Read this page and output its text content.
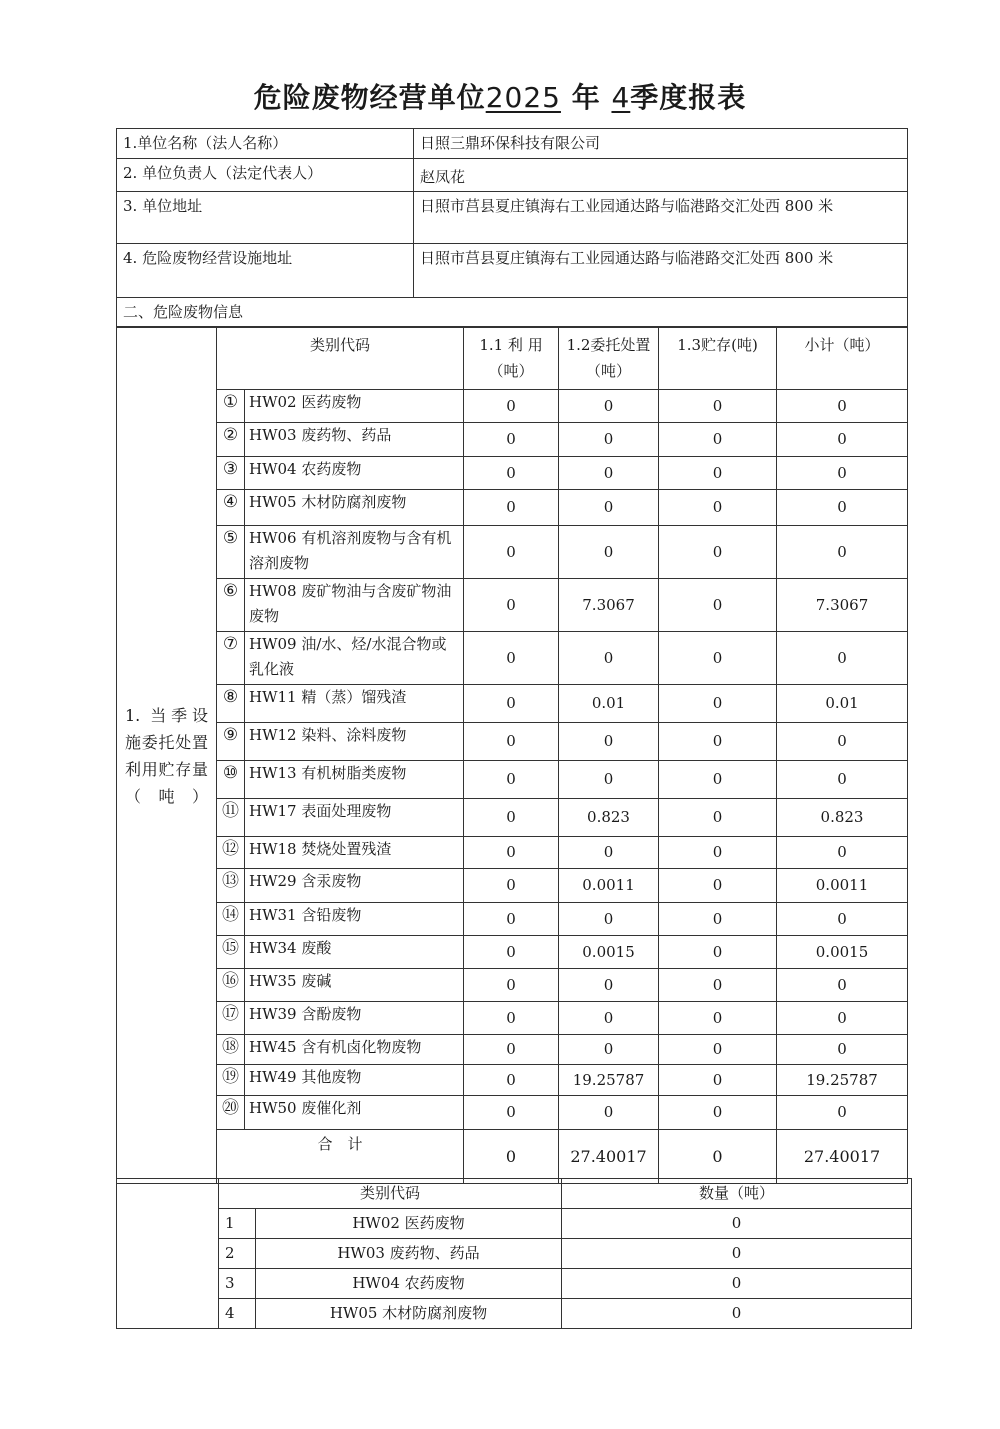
危险废物经营单位2025 年 4季度报表
1.单位名称（法人名称）	日照三鼎环保科技有限公司
2. 单位负责人（法定代表人）	赵凤花
3. 单位地址	日照市莒县夏庄镇海右工业园通达路与临港路交汇处西 800 米
4. 危险废物经营设施地址	日照市莒县夏庄镇海右工业园通达路与临港路交汇处西 800 米
二、危险废物信息	
1. 当季设施委托处置利用贮存量（吨）	类别代码		1.1 利 用（吨）	1.2委托处置（吨）	1.3贮存(吨)	小计（吨）
	①	HW02 医药废物	0	0	0	0
	②	HW03 废药物、药品	0	0	0	0
	③	HW04 农药废物	0	0	0	0
	④	HW05 木材防腐剂废物	0	0	0	0
	⑤	HW06 有机溶剂废物与含有机溶剂废物	0	0	0	0
	⑥	HW08 废矿物油与含废矿物油废物	0	7.3067	0	7.3067
	⑦	HW09 油/水、烃/水混合物或乳化液	0	0	0	0
	⑧	HW11 精（蒸）馏残渣	0	0.01	0	0.01
	⑨	HW12 染料、涂料废物	0	0	0	0
	⑩	HW13 有机树脂类废物	0	0	0	0
	⑪	HW17 表面处理废物	0	0.823	0	0.823
	⑫	HW18 焚烧处置残渣	0	0	0	0
	⑬	HW29 含汞废物	0	0.0011	0	0.0011
	⑭	HW31 含铅废物	0	0	0	0
	⑮	HW34 废酸	0	0.0015	0	0.0015
	⑯	HW35 废碱	0	0	0	0
	⑰	HW39 含酚废物	0	0	0	0
	⑱	HW45 含有机卤化物废物	0	0	0	0
	⑲	HW49 其他废物	0	19.25787	0	19.25787
	⑳	HW50 废催化剂	0	0	0	0
	合　计		0	27.40017	0	27.40017
	类别代码		数量（吨）
	1	HW02 医药废物	0
	2	HW03 废药物、药品	0
	3	HW04 农药废物	0
	4	HW05 木材防腐剂废物	0
